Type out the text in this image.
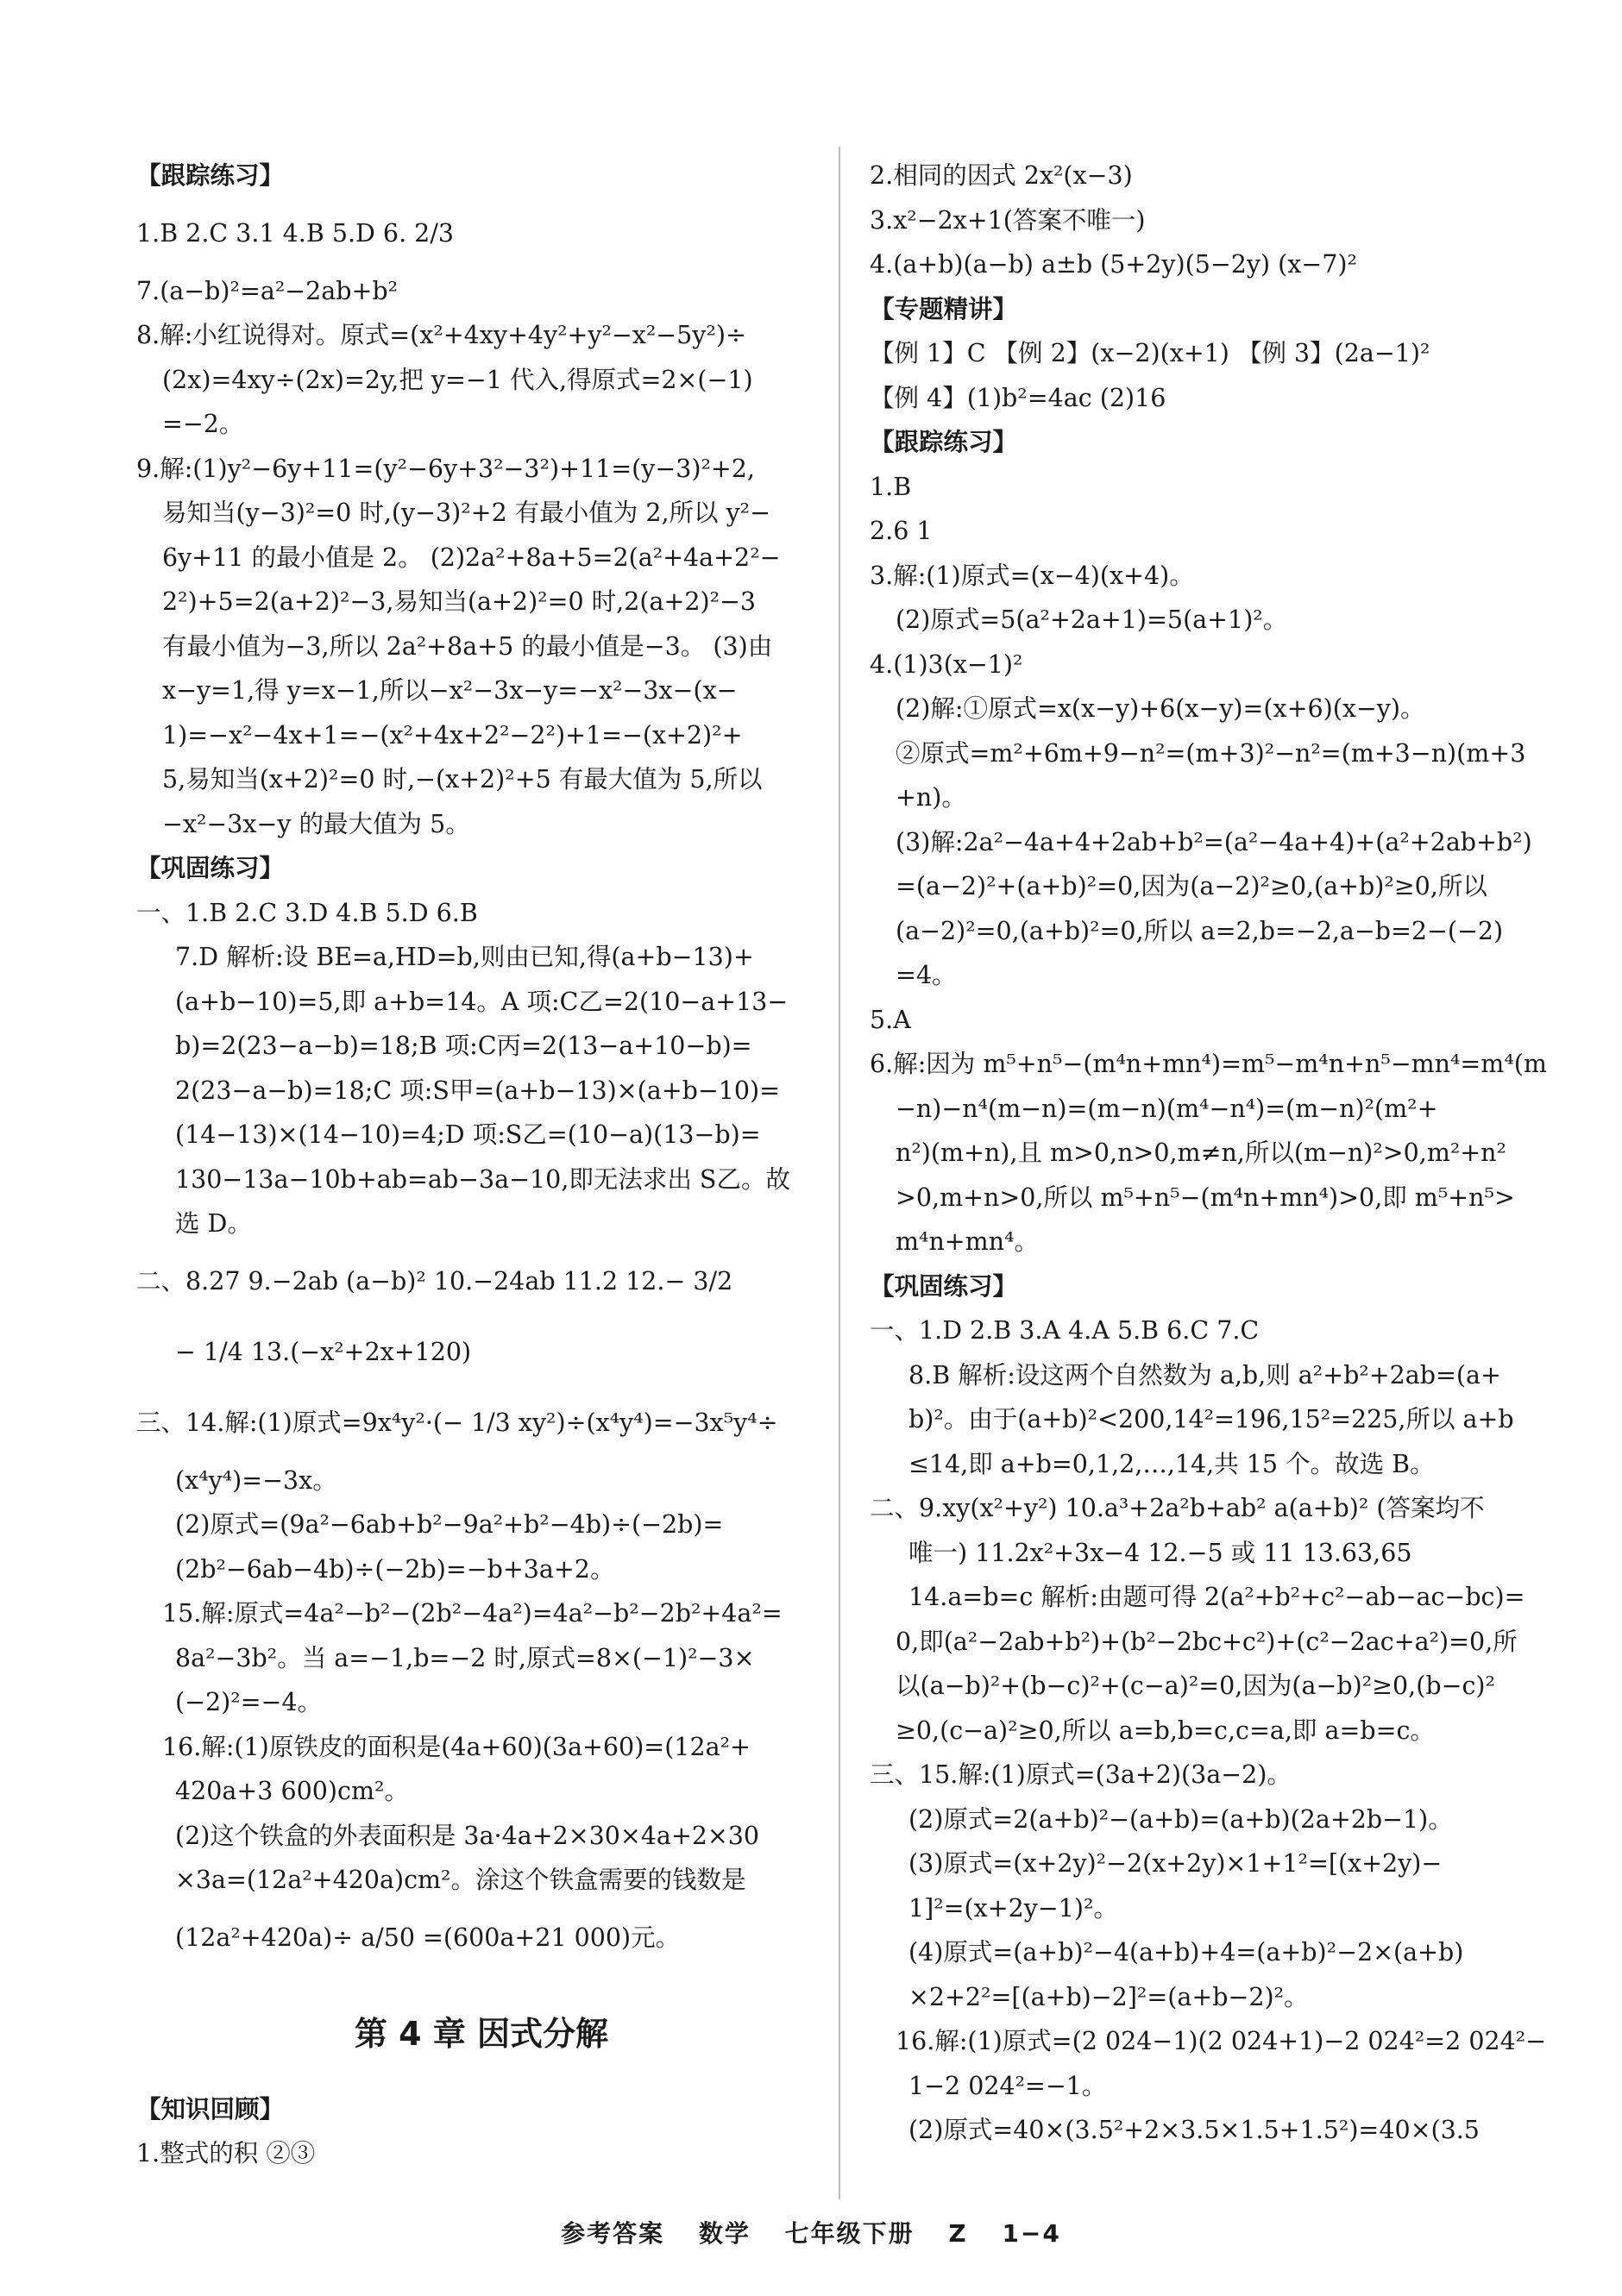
【跟踪练习】
1.B 2.C 3.1 4.B 5.D 6. 2/3
7.(a−b)²=a²−2ab+b²
8.解:小红说得对。原式=(x²+4xy+4y²+y²−x²−5y²)÷
(2x)=4xy÷(2x)=2y,把 y=−1 代入,得原式=2×(−1)
=−2。
9.解:(1)y²−6y+11=(y²−6y+3²−3²)+11=(y−3)²+2,
易知当(y−3)²=0 时,(y−3)²+2 有最小值为 2,所以 y²−
6y+11 的最小值是 2。 (2)2a²+8a+5=2(a²+4a+2²−
2²)+5=2(a+2)²−3,易知当(a+2)²=0 时,2(a+2)²−3
有最小值为−3,所以 2a²+8a+5 的最小值是−3。 (3)由
x−y=1,得 y=x−1,所以−x²−3x−y=−x²−3x−(x−
1)=−x²−4x+1=−(x²+4x+2²−2²)+1=−(x+2)²+
5,易知当(x+2)²=0 时,−(x+2)²+5 有最大值为 5,所以
−x²−3x−y 的最大值为 5。
【巩固练习】
一、1.B 2.C 3.D 4.B 5.D 6.B
7.D 解析:设 BE=a,HD=b,则由已知,得(a+b−13)+
(a+b−10)=5,即 a+b=14。A 项:C乙=2(10−a+13−
b)=2(23−a−b)=18;B 项:C丙=2(13−a+10−b)=
2(23−a−b)=18;C 项:S甲=(a+b−13)×(a+b−10)=
(14−13)×(14−10)=4;D 项:S乙=(10−a)(13−b)=
130−13a−10b+ab=ab−3a−10,即无法求出 S乙。故
选 D。
二、8.27 9.−2ab (a−b)² 10.−24ab 11.2 12.− 3/2
− 1/4 13.(−x²+2x+120)
三、14.解:(1)原式=9x⁴y²·(− 1/3 xy²)÷(x⁴y⁴)=−3x⁵y⁴÷
(x⁴y⁴)=−3x。
(2)原式=(9a²−6ab+b²−9a²+b²−4b)÷(−2b)=
(2b²−6ab−4b)÷(−2b)=−b+3a+2。
15.解:原式=4a²−b²−(2b²−4a²)=4a²−b²−2b²+4a²=
8a²−3b²。当 a=−1,b=−2 时,原式=8×(−1)²−3×
(−2)²=−4。
16.解:(1)原铁皮的面积是(4a+60)(3a+60)=(12a²+
420a+3 600)cm²。
(2)这个铁盒的外表面积是 3a·4a+2×30×4a+2×30
×3a=(12a²+420a)cm²。涂这个铁盒需要的钱数是
(12a²+420a)÷ a/50 =(600a+21 000)元。
第 4 章 因式分解
【知识回顾】
1.整式的积 ②③
2.相同的因式 2x²(x−3)
3.x²−2x+1(答案不唯一)
4.(a+b)(a−b) a±b (5+2y)(5−2y) (x−7)²
【专题精讲】
【例 1】C 【例 2】(x−2)(x+1) 【例 3】(2a−1)²
【例 4】(1)b²=4ac (2)16
【跟踪练习】
1.B
2.6 1
3.解:(1)原式=(x−4)(x+4)。
(2)原式=5(a²+2a+1)=5(a+1)²。
4.(1)3(x−1)²
(2)解:①原式=x(x−y)+6(x−y)=(x+6)(x−y)。
②原式=m²+6m+9−n²=(m+3)²−n²=(m+3−n)(m+3
+n)。
(3)解:2a²−4a+4+2ab+b²=(a²−4a+4)+(a²+2ab+b²)
=(a−2)²+(a+b)²=0,因为(a−2)²≥0,(a+b)²≥0,所以
(a−2)²=0,(a+b)²=0,所以 a=2,b=−2,a−b=2−(−2)
=4。
5.A
6.解:因为 m⁵+n⁵−(m⁴n+mn⁴)=m⁵−m⁴n+n⁵−mn⁴=m⁴(m
−n)−n⁴(m−n)=(m−n)(m⁴−n⁴)=(m−n)²(m²+
n²)(m+n),且 m>0,n>0,m≠n,所以(m−n)²>0,m²+n²
>0,m+n>0,所以 m⁵+n⁵−(m⁴n+mn⁴)>0,即 m⁵+n⁵>
m⁴n+mn⁴。
【巩固练习】
一、1.D 2.B 3.A 4.A 5.B 6.C 7.C
8.B 解析:设这两个自然数为 a,b,则 a²+b²+2ab=(a+
b)²。由于(a+b)²<200,14²=196,15²=225,所以 a+b
≤14,即 a+b=0,1,2,…,14,共 15 个。故选 B。
二、9.xy(x²+y²) 10.a³+2a²b+ab² a(a+b)² (答案均不
唯一) 11.2x²+3x−4 12.−5 或 11 13.63,65
14.a=b=c 解析:由题可得 2(a²+b²+c²−ab−ac−bc)=
0,即(a²−2ab+b²)+(b²−2bc+c²)+(c²−2ac+a²)=0,所
以(a−b)²+(b−c)²+(c−a)²=0,因为(a−b)²≥0,(b−c)²
≥0,(c−a)²≥0,所以 a=b,b=c,c=a,即 a=b=c。
三、15.解:(1)原式=(3a+2)(3a−2)。
(2)原式=2(a+b)²−(a+b)=(a+b)(2a+2b−1)。
(3)原式=(x+2y)²−2(x+2y)×1+1²=[(x+2y)−
1]²=(x+2y−1)²。
(4)原式=(a+b)²−4(a+b)+4=(a+b)²−2×(a+b)
×2+2²=[(a+b)−2]²=(a+b−2)²。
16.解:(1)原式=(2 024−1)(2 024+1)−2 024²=2 024²−
1−2 024²=−1。
(2)原式=40×(3.5²+2×3.5×1.5+1.5²)=40×(3.5
参考答案 数学 七年级下册 Z 1−4
